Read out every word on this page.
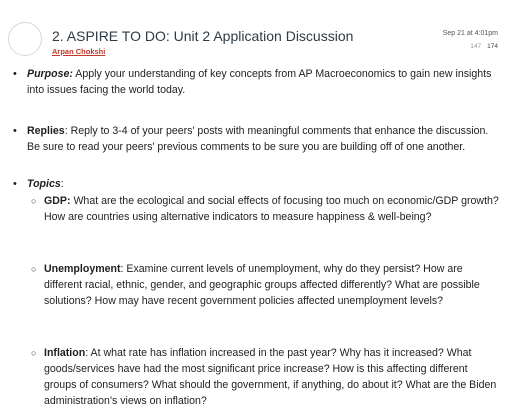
2. ASPIRE TO DO: Unit 2 Application Discussion
Arpan Chokshi
Sep 21 at 4:01pm
147 174
• Purpose: Apply your understanding of key concepts from AP Macroeconomics to gain new insights into issues facing the world today.
• Replies: Reply to 3-4 of your peers' posts with meaningful comments that enhance the discussion. Be sure to read your peers' previous comments to be sure you are building off of one another.
• Topics:
○ GDP: What are the ecological and social effects of focusing too much on economic/GDP growth? How are countries using alternative indicators to measure happiness & well-being?
○ Unemployment: Examine current levels of unemployment, why do they persist? How are different racial, ethnic, gender, and geographic groups affected differently? What are possible solutions? How may have recent government policies affected unemployment levels?
○ Inflation: At what rate has inflation increased in the past year? Why has it increased? What goods/services have had the most significant price increase? How is this affecting different groups of consumers? What should the government, if anything, do about it? What are the Biden administration's views on inflation?
